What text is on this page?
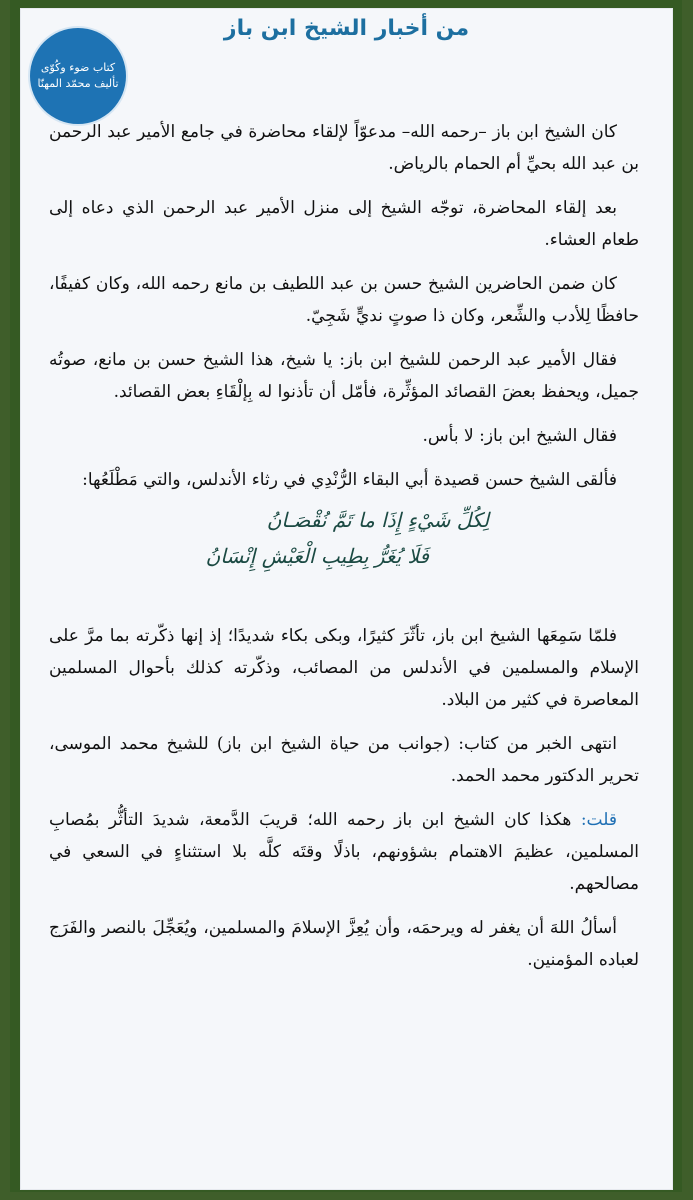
من أخبار الشيخ ابن باز
كتاب ضوء وكُوّى
تأليف محمّد المهنّا

كان الشيخ ابن باز –رحمه الله– مدعوّاً لإلقاء محاضرة في جامع الأمير عبد الرحمن بن عبد الله بحيِّ أم الحمام بالرياض.

بعد إلقاء المحاضرة، توجّه الشيخ إلى منزل الأمير عبد الرحمن الذي دعاه إلى طعام العشاء.

كان ضمن الحاضرين الشيخ حسن بن عبد اللطيف بن مانع رحمه الله، وكان كفيفًا، حافظًا لِلأدب والشِّعر، وكان ذا صوتٍ نديٍّ شَجِيّ.

فقال الأمير عبد الرحمن للشيخ ابن باز: يا شيخ، هذا الشيخ حسن بن مانع، صوتُه جميل، ويحفظ بعضَ القصائد المؤثِّرة، فأمّل أن تأذنوا له بِإلْقَاءِ بعض القصائد.

فقال الشيخ ابن باز: لا بأس.

فألقى الشيخ حسن قصيدة أبي البقاء الرُّنْدِي في رثاء الأندلس، والتي مَطْلَعُها:

لِكُلِّ شَيْءٍ إِذَا ما تَمَّ نُقْصَـانُ
فَلَا يُغَرُّ بِطِيبِ الْعَيْشِ إِنْسَانُ

فلمّا سَمِعَها الشيخ ابن باز، تأثّرَ كثيرًا، وبكى بكاء شديدًا؛ إذ إنها ذكّرته بما مرَّ على الإسلام والمسلمين في الأندلس من المصائب، وذكّرته كذلك بأحوال المسلمين المعاصرة في كثير من البلاد.

انتهى الخبر من كتاب: (جوانب من حياة الشيخ ابن باز) للشيخ محمد الموسى، تحرير الدكتور محمد الحمد.

قلت: هكذا كان الشيخ ابن باز رحمه الله؛ قريبَ الدَّمعة، شديدَ التأثُّر بمُصابِ المسلمين، عظيمَ الاهتمام بشؤونهم، باذلًا وقتَه كلَّه بلا استثناءٍ في السعي في مصالحهم.

أسألُ اللهَ أن يغفر له ويرحمَه، وأن يُعِزَّ الإسلامَ والمسلمين، ويُعَجِّلَ بالنصر والفَرَج لعباده المؤمنين.
